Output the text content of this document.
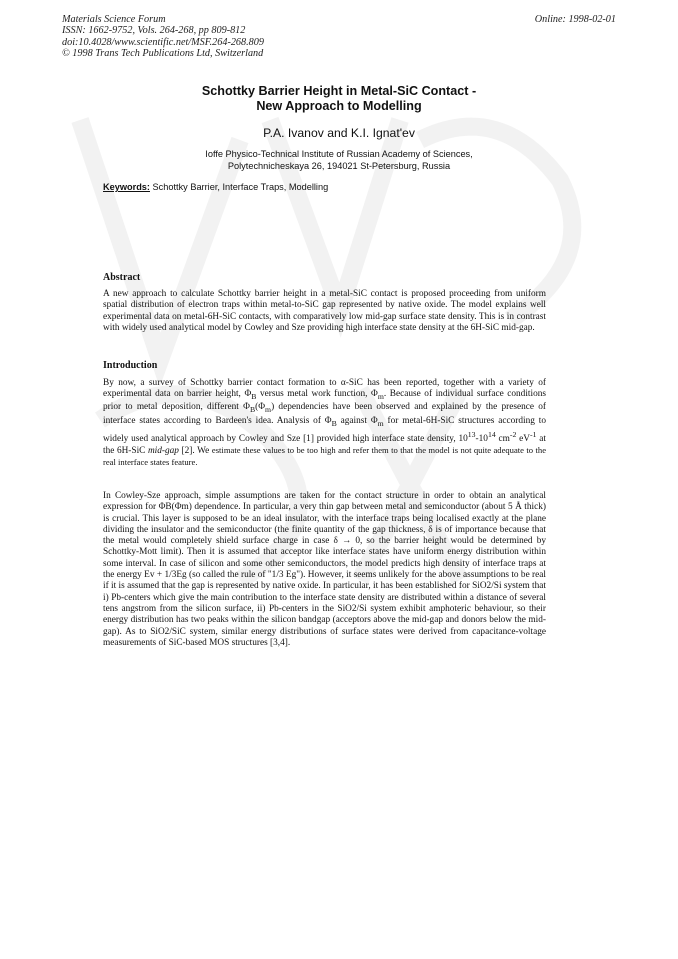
Materials Science Forum
ISSN: 1662-9752, Vols. 264-268, pp 809-812
doi:10.4028/www.scientific.net/MSF.264-268.809
© 1998 Trans Tech Publications Ltd, Switzerland
Online: 1998-02-01
Schottky Barrier Height in Metal-SiC Contact -
New Approach to Modelling
P.A. Ivanov and K.I. Ignat'ev
Ioffe Physico-Technical Institute of Russian Academy of Sciences,
Polytechnicheskaya 26, 194021 St-Petersburg, Russia
Keywords: Schottky Barrier, Interface Traps, Modelling
Abstract
A new approach to calculate Schottky barrier height in a metal-SiC contact is proposed proceeding from uniform spatial distribution of electron traps within metal-to-SiC gap represented by native oxide. The model explains well experimental data on metal-6H-SiC contacts, with comparatively low mid-gap surface state density. This is in contrast with widely used analytical model by Cowley and Sze providing high interface state density at the 6H-SiC mid-gap.
Introduction
By now, a survey of Schottky barrier contact formation to α-SiC has been reported, together with a variety of experimental data on barrier height, $\Phi_B$ versus metal work function, $\Phi_m$. Because of individual surface conditions prior to metal deposition, different $\Phi_B(\Phi_m)$ dependencies have been observed and explained by the presence of interface states according to Bardeen's idea. Analysis of $\Phi_B$ against $\Phi_m$ for metal-6H-SiC structures according to widely used analytical approach by Cowley and Sze [1] provided high interface state density, $10^{13}-10^{14}$ $cm^{-2}$ $eV^{-1}$ at the 6H-SiC mid-gap [2]. We estimate these values to be too high and refer them to that the model is not quite adequate to the real interface states feature.
In Cowley-Sze approach, simple assumptions are taken for the contact structure in order to obtain an analytical expression for ΦB(Φm) dependence. In particular, a very thin gap between metal and semiconductor (about 5 Å thick) is crucial. This layer is supposed to be an ideal insulator, with the interface traps being localised exactly at the plane dividing the insulator and the semiconductor (the finite quantity of the gap thickness, δ is of importance because that the metal would completely shield surface charge in case δ → 0, so the barrier height would be determined by Schottky-Mott limit). Then it is assumed that acceptor like interface states have uniform energy distribution within some interval. In case of silicon and some other semiconductors, the model predicts high density of interface traps at the energy Ev + 1/3Eg (so called the rule of "1/3 Eg"). However, it seems unlikely for the above assumptions to be real if it is assumed that the gap is represented by native oxide. In particular, it has been established for SiO2/Si system that i) Pb-centers which give the main contribution to the interface state density are distributed within a distance of several tens angstrom from the silicon surface, ii) Pb-centers in the SiO2/Si system exhibit amphoteric behaviour, so their energy distribution has two peaks within the silicon bandgap (acceptors above the mid-gap and donors below the mid-gap). As to SiO2/SiC system, similar energy distributions of surface states were derived from capacitance-voltage measurements of SiC-based MOS structures [3,4].
